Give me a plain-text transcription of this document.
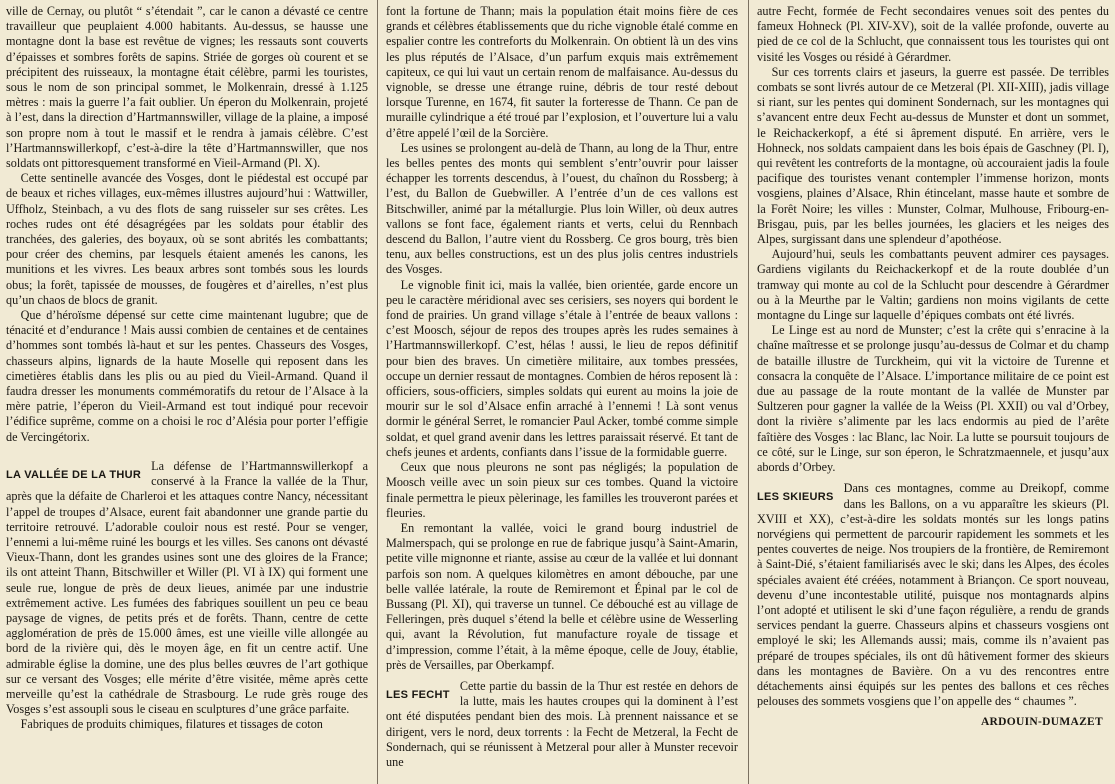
ville de Cernay, ou plutôt “ s’étendait ”, car le canon a dévasté ce centre travailleur que peuplaient 4.000 habitants. Au-dessus, se hausse une montagne dont la base est revêtue de vignes; les ressauts sont couverts d’épaisses et sombres forêts de sapins. Striée de gorges où courent et se précipitent des ruisseaux, la montagne était célèbre, parmi les touristes, sous le nom de son principal sommet, le Molkenrain, dressé à 1.125 mètres : mais la guerre l’a fait oublier. Un éperon du Molkenrain, projeté à l’est, dans la direction d’Hartmannswiller, village de la plaine, a imposé son propre nom à tout le massif et le rendra à jamais célèbre. C’est l’Hartmannswillerkopf, c’est-à-dire la tête d’Hartmannswiller, que nos soldats ont pittoresquement transformé en Vieil-Armand (Pl. X).

Cette sentinelle avancée des Vosges, dont le piédestal est occupé par de beaux et riches villages, eux-mêmes illustres aujourd’hui : Wattwiller, Uffholz, Steinbach, a vu des flots de sang ruisseler sur ses crêtes. Les roches rudes ont été désagrégées par les soldats pour établir des tranchées, des galeries, des boyaux, où se sont abrités les combattants; pour créer des chemins, par lesquels étaient amenés les canons, les munitions et les vivres. Les beaux arbres sont tombés sous les lourds obus; la forêt, tapissée de mousses, de fougères et d’airelles, n’est plus qu’un chaos de blocs de granit.

Que d’héroïsme dépensé sur cette cime maintenant lugubre; que de ténacité et d’endurance ! Mais aussi combien de centaines et de centaines d’hommes sont tombés là-haut et sur les pentes. Chasseurs des Vosges, chasseurs alpins, lignards de la haute Moselle qui reposent dans les cimetières établis dans les plis ou au pied du Vieil-Armand. Quand il faudra dresser les monuments commémoratifs du retour de l’Alsace à la mère patrie, l’éperon du Vieil-Armand est tout indiqué pour recevoir l’édifice suprême, comme on a choisi le roc d’Alésia pour porter l’effigie de Vercingétorix.

LA VALLÉE DE LA THUR

La défense de l’Hartmannswillerkopf a conservé à la France la vallée de la Thur, après que la défaite de Charleroi et les attaques contre Nancy, nécessitant l’appel de troupes d’Alsace, eurent fait abandonner une grande partie du territoire retrouvé. L’adorable couloir nous est resté. Pour se venger, l’ennemi a lui-même ruiné les bourgs et les villes. Ses canons ont dévasté Vieux-Thann, dont les grandes usines sont une des gloires de la France; ils ont atteint Thann, Bitschwiller et Willer (Pl. VI à IX) qui forment une seule rue, longue de près de deux lieues, animée par une industrie extrêmement active. Les fumées des fabriques souillent un peu ce beau paysage de vignes, de petits prés et de forêts. Thann, centre de cette agglomération de près de 15.000 âmes, est une vieille ville allongée au bord de la rivière qui, dès le moyen âge, en fit un centre actif. Une admirable église la domine, une des plus belles œuvres de l’art gothique sur ce versant des Vosges; elle mérite d’être visitée, même après cette merveille qu’est la cathédrale de Strasbourg. Le rude grès rouge des Vosges s’est assoupli sous le ciseau en sculptures d’une grâce parfaite.

Fabriques de produits chimiques, filatures et tissages de coton

font la fortune de Thann; mais la population était moins fière de ces grands et célèbres établissements que du riche vignoble étalé comme en espalier contre les contreforts du Molkenrain. On obtient là un des vins les plus réputés de l’Alsace, d’un parfum exquis mais extrêmement capiteux, ce qui lui vaut un certain renom de malfaisance. Au-dessus du vignoble, se dresse une étrange ruine, débris de tour resté debout lorsque Turenne, en 1674, fit sauter la forteresse de Thann. Ce pan de muraille cylindrique a été troué par l’explosion, et l’ouverture lui a valu d’être appelé l’œil de la Sorcière.

Les usines se prolongent au-delà de Thann, au long de la Thur, entre les belles pentes des monts qui semblent s’entr’ouvrir pour laisser échapper les torrents descendus, à l’ouest, du chaînon du Rossberg; à l’est, du Ballon de Guebwiller. A l’entrée d’un de ces vallons est Bitschwiller, animé par la métallurgie. Plus loin Willer, où deux autres vallons se font face, également riants et verts, celui du Rennbach descend du Ballon, l’autre vient du Rossberg. Ce gros bourg, très bien tenu, aux belles constructions, est un des plus jolis centres industriels des Vosges.

Le vignoble finit ici, mais la vallée, bien orientée, garde encore un peu le caractère méridional avec ses cerisiers, ses noyers qui bordent le fond de prairies. Un grand village s’étale à l’entrée de beaux vallons : c’est Moosch, séjour de repos des troupes après les rudes semaines à l’Hartmannswillerkopf. C’est, hélas ! aussi, le lieu de repos définitif pour bien des braves. Un cimetière militaire, aux tombes pressées, occupe un dernier ressaut de montagnes. Combien de héros reposent là : officiers, sous-officiers, simples soldats qui eurent au moins la joie de mourir sur le sol d’Alsace enfin arraché à l’ennemi ! Là sont venus dormir le général Serret, le romancier Paul Acker, tombé comme simple soldat, et quel grand avenir dans les lettres paraissait réservé. Et tant de chefs jeunes et ardents, confiants dans l’issue de la formidable guerre.

Ceux que nous pleurons ne sont pas négligés; la population de Moosch veille avec un soin pieux sur ces tombes. Quand la victoire finale permettra le pieux pèlerinage, les familles les trouveront parées et fleuries.

En remontant la vallée, voici le grand bourg industriel de Malmerspach, qui se prolonge en rue de fabrique jusqu’à Saint-Amarin, petite ville mignonne et riante, assise au cœur de la vallée et lui donnant parfois son nom. A quelques kilomètres en amont débouche, par une belle vallée latérale, la route de Remiremont et Épinal par le col de Bussang (Pl. XI), qui traverse un tunnel. Ce débouché est au village de Felleringen, près duquel s’étend la belle et célèbre usine de Wesserling qui, avant la Révolution, fut manufacture royale de tissage et d’impression, comme l’était, à la même époque, celle de Jouy, établie, près de Versailles, par Oberkampf.

LES FECHT

Cette partie du bassin de la Thur est restée en dehors de la lutte, mais les hautes croupes qui la dominent à l’est ont été disputées pendant bien des mois. Là prennent naissance et se dirigent, vers le nord, deux torrents : la Fecht de Metzeral, la Fecht de Sondernach, qui se réunissent à Metzeral pour aller à Munster recevoir une

autre Fecht, formée de Fecht secondaires venues soit des pentes du fameux Hohneck (Pl. XIV-XV), soit de la vallée profonde, ouverte au pied de ce col de la Schlucht, que connaissent tous les touristes qui ont visité les Vosges ou résidé à Gérardmer.

Sur ces torrents clairs et jaseurs, la guerre est passée. De terribles combats se sont livrés autour de ce Metzeral (Pl. XII-XIII), jadis village si riant, sur les pentes qui dominent Sondernach, sur les montagnes qui s’avancent entre deux Fecht au-dessus de Munster et dont un sommet, le Reichackerkopf, a été si âprement disputé. En arrière, vers le Hohneck, nos soldats campaient dans les bois épais de Gaschney (Pl. I), qui revêtent les contreforts de la montagne, où accouraient jadis la foule pacifique des touristes venant contempler l’immense horizon, monts vosgiens, plaines d’Alsace, Rhin étincelant, masse haute et sombre de la Forêt Noire; les villes : Munster, Colmar, Mulhouse, Fribourg-en-Brisgau, puis, par les belles journées, les glaciers et les neiges des Alpes, surgissant dans une splendeur d’apothéose.

Aujourd’hui, seuls les combattants peuvent admirer ces paysages. Gardiens vigilants du Reichackerkopf et de la route doublée d’un tramway qui monte au col de la Schlucht pour descendre à Gérardmer ou à la Meurthe par le Valtin; gardiens non moins vigilants de cette montagne du Linge sur laquelle d’épiques combats ont été livrés.

Le Linge est au nord de Munster; c’est la crête qui s’enracine à la chaîne maîtresse et se prolonge jusqu’au-dessus de Colmar et du champ de bataille illustre de Turckheim, qui vit la victoire de Turenne et consacra la conquête de l’Alsace. L’importance militaire de ce point est due au passage de la route montant de la vallée de Munster par Sultzeren pour gagner la vallée de la Weiss (Pl. XXII) ou val d’Orbey, dont la rivière s’alimente par les lacs endormis au pied de l’arête faîtière des Vosges : lac Blanc, lac Noir. La lutte se poursuit toujours de ce côté, sur le Linge, sur son éperon, le Schratzmaennele, et jusqu’aux abords d’Orbey.

LES SKIEURS

Dans ces montagnes, comme au Dreikopf, comme dans les Ballons, on a vu apparaître les skieurs (Pl. XVIII et XX), c’est-à-dire les soldats montés sur les longs patins norvégiens qui permettent de parcourir rapidement les sommets et les pentes couvertes de neige. Nos troupiers de la frontière, de Remiremont à Saint-Dié, s’étaient familiarisés avec le ski; dans les Alpes, des écoles spéciales avaient été créées, notamment à Briançon. Ce sport nouveau, devenu d’une incontestable utilité, puisque nos montagnards alpins l’ont adopté et utilisent le ski d’une façon régulière, a rendu de grands services pendant la guerre. Chasseurs alpins et chasseurs vosgiens ont employé le ski; les Allemands aussi; mais, comme ils n’avaient pas préparé de troupes spéciales, ils ont dû hâtivement former des skieurs dans les montagnes de Bavière. On a vu des rencontres entre détachements ainsi équipés sur les pentes des ballons et ces rêches pelouses des sommets vosgiens que l’on appelle des “ chaumes ”.

ARDOUIN-DUMAZET
